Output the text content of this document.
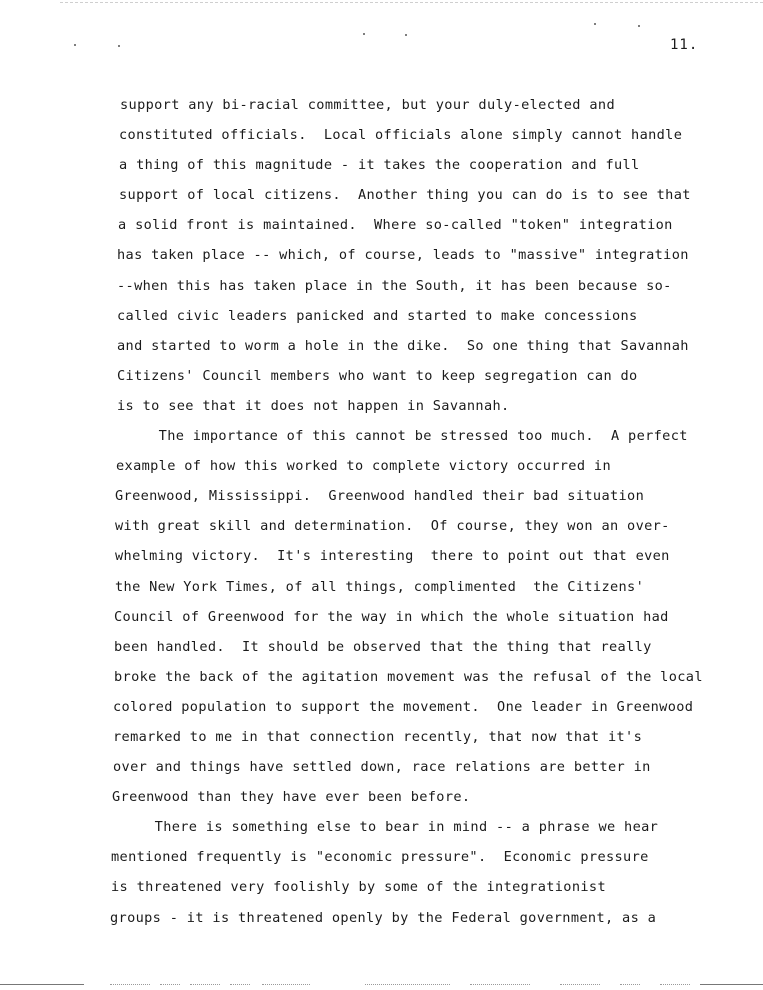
11.
support any bi-racial committee, but your duly-elected and
constituted officials.  Local officials alone simply cannot handle
a thing of this magnitude - it takes the cooperation and full
support of local citizens.  Another thing you can do is to see that
a solid front is maintained.  Where so-called "token" integration
has taken place -- which, of course, leads to "massive" integration
--when this has taken place in the South, it has been because so-
called civic leaders panicked and started to make concessions
and started to worm a hole in the dike.  So one thing that Savannah
Citizens' Council members who want to keep segregation can do
is to see that it does not happen in Savannah.
The importance of this cannot be stressed too much.  A perfect
example of how this worked to complete victory occurred in
Greenwood, Mississippi.  Greenwood handled their bad situation
with great skill and determination.  Of course, they won an over-
whelming victory.  It's interesting  there to point out that even
the New York Times, of all things, complimented  the Citizens'
Council of Greenwood for the way in which the whole situation had
been handled.  It should be observed that the thing that really
broke the back of the agitation movement was the refusal of the local
colored population to support the movement.  One leader in Greenwood
remarked to me in that connection recently, that now that it's
over and things have settled down, race relations are better in
Greenwood than they have ever been before.
There is something else to bear in mind -- a phrase we hear
mentioned frequently is "economic pressure".  Economic pressure
is threatened very foolishly by some of the integrationist
groups - it is threatened openly by the Federal government, as a
